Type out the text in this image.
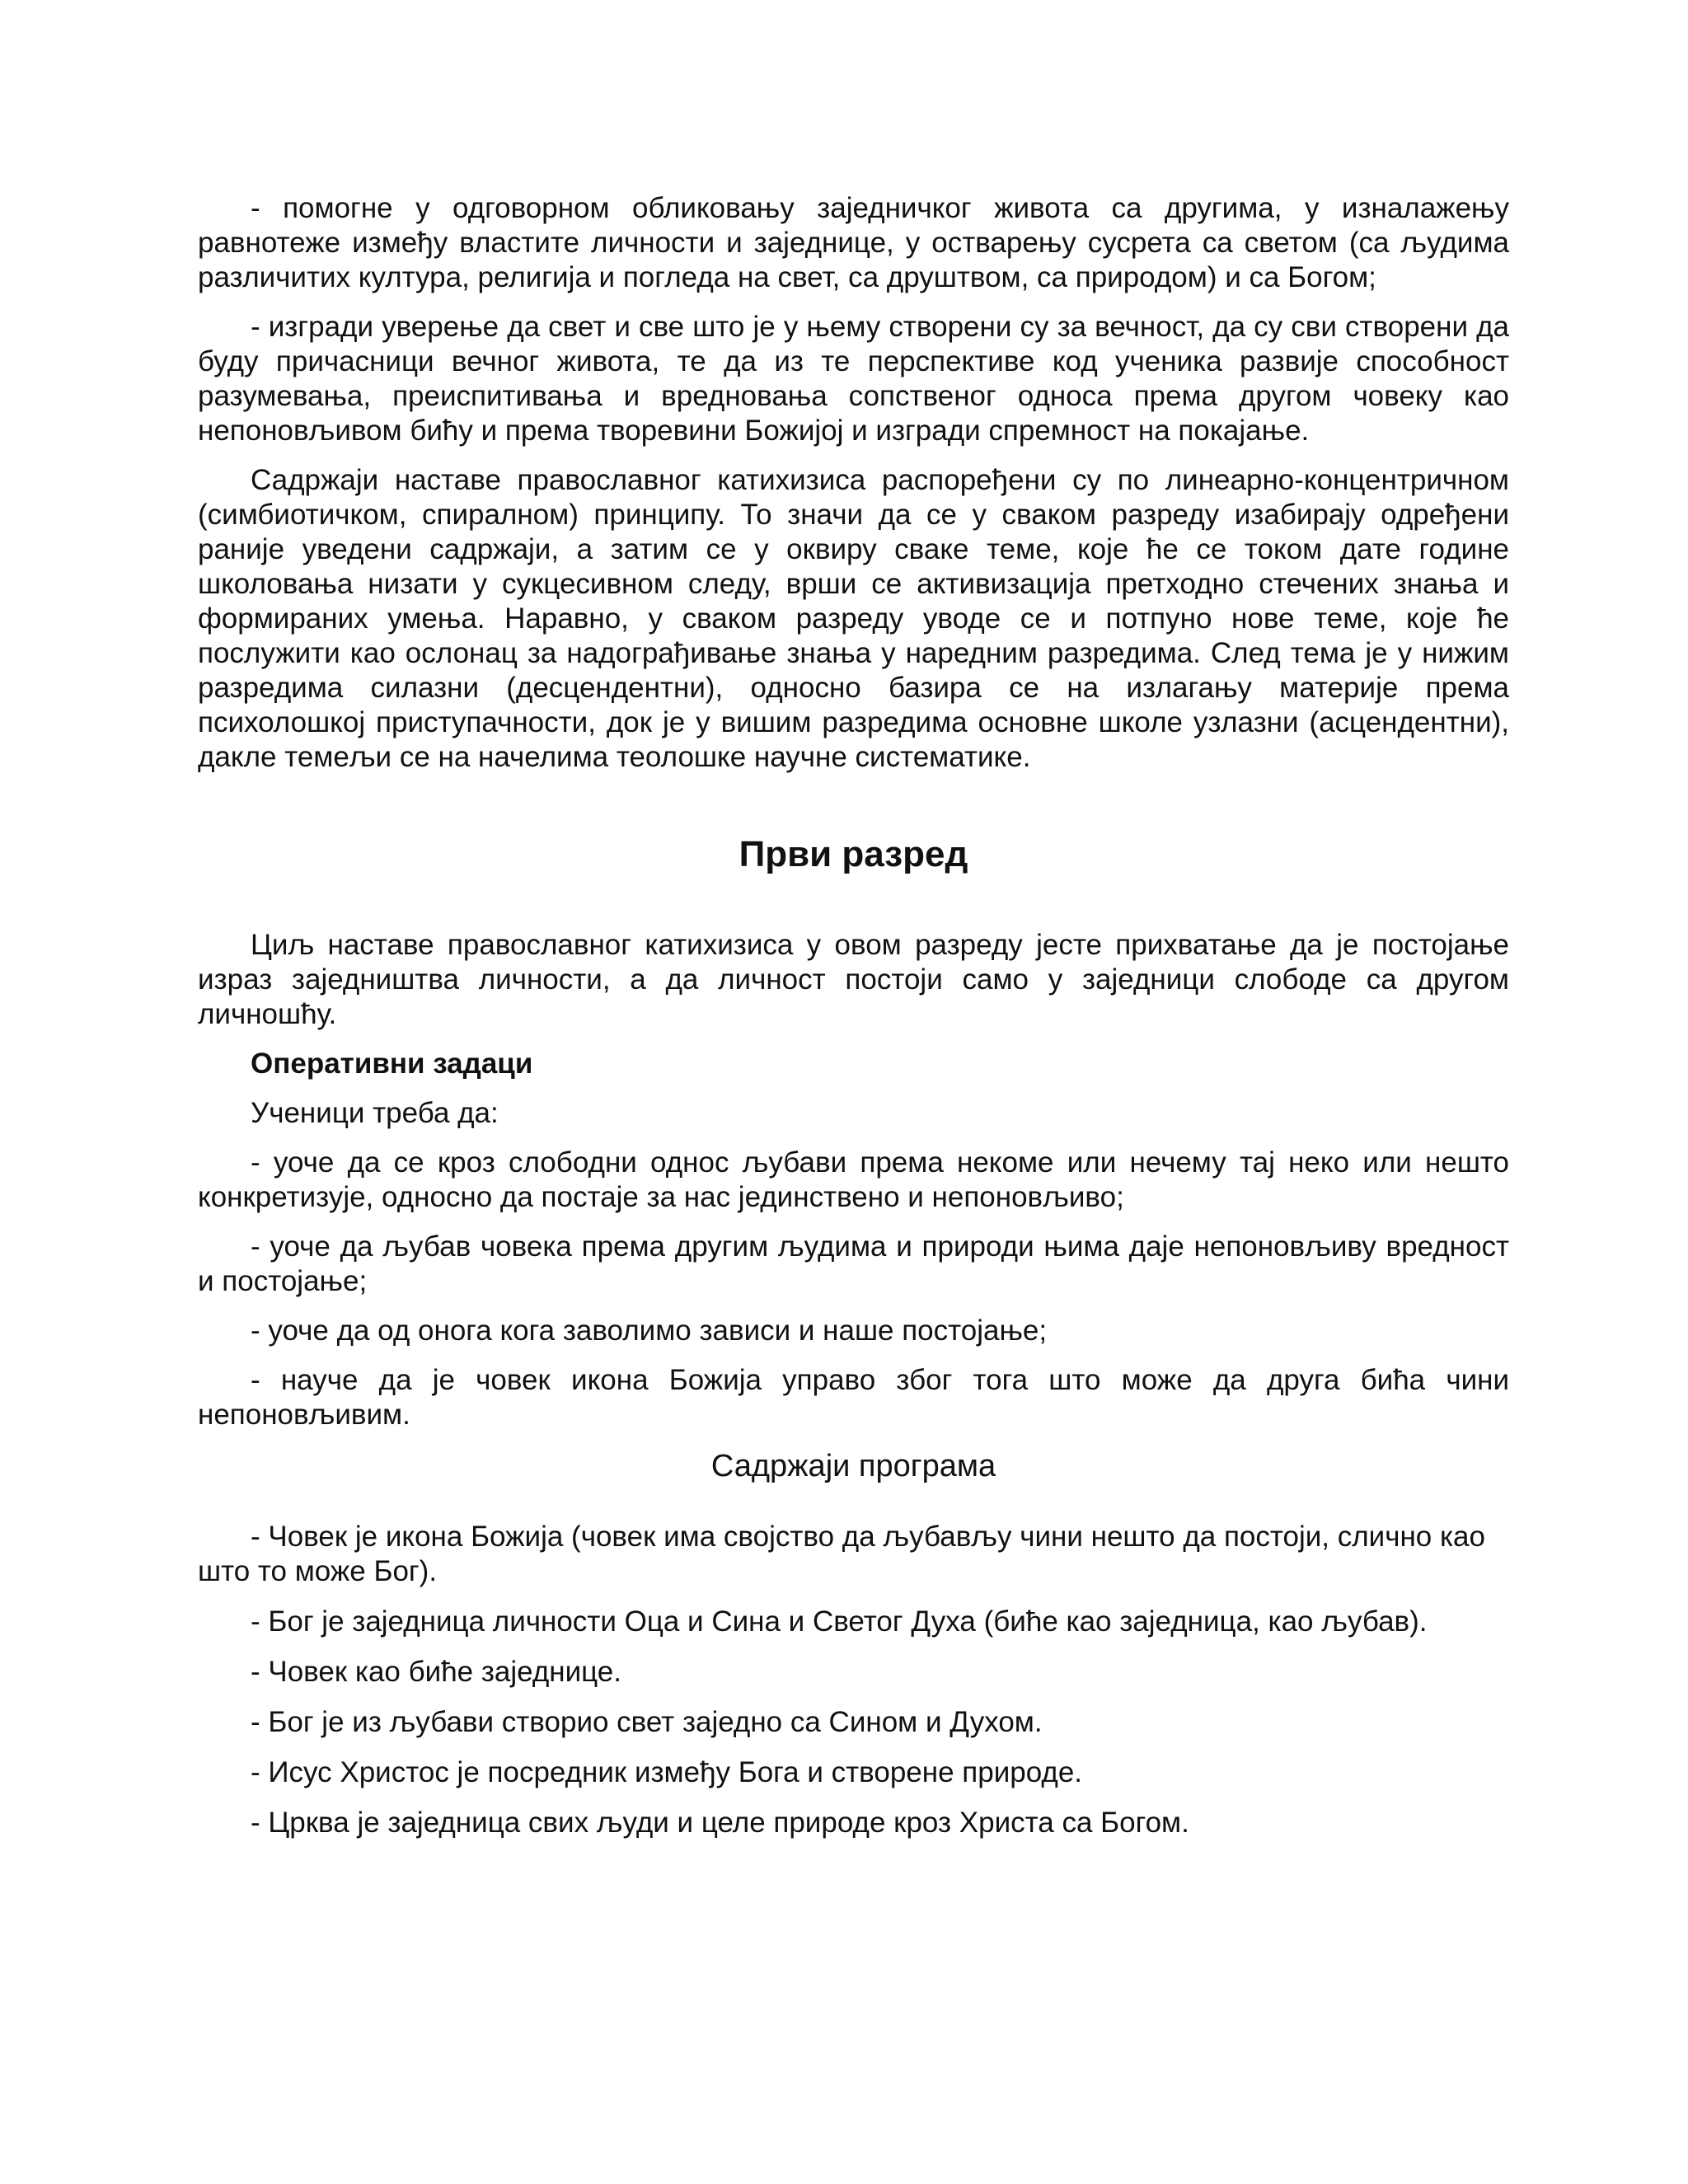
- помогне у одговорном обликовању заједничког живота са другима, у изналажењу равнотеже између властите личности и заједнице, у остварењу сусрета са светом (са људима различитих култура, религија и погледа на свет, са друштвом, са природом) и са Богом;

- изгради уверење да свет и све што је у њему створени су за вечност, да су сви створени да буду причасници вечног живота, те да из те перспективе код ученика развије способност разумевања, преиспитивања и вредновања сопственог односа према другом човеку као непоновљивом бићу и према творевини Божијој и изгради спремност на покајање.

Садржаји наставе православног катихизиса распоређени су по линеарно-концентричном (симбиотичком, спиралном) принципу. То значи да се у сваком разреду изабирају одређени раније уведени садржаји, а затим се у оквиру сваке теме, које ће се током дате године школовања низати у сукцесивном следу, врши се активизација претходно стечених знања и формираних умења. Наравно, у сваком разреду уводе се и потпуно нове теме, које ће послужити као ослонац за надограђивање знања у наредним разредима. След тема је у нижим разредима силазни (десцендентни), односно базира се на излагању материје према психолошкој приступачности, док је у вишим разредима основне школе узлазни (асцендентни), дакле темељи се на начелима теолошке научне систематике.

Први разред

Циљ наставе православног катихизиса у овом разреду јесте прихватање да је постојање израз заједништва личности, а да личност постоји само у заједници слободе са другом личношћу.

Оперативни задаци

Ученици треба да:

- уоче да се кроз слободни однос љубави према некоме или нечему тај неко или нешто конкретизује, односно да постаје за нас јединствено и непоновљиво;

- уоче да љубав човека према другим људима и природи њима даје непоновљиву вредност и постојање;

- уоче да од онога кога заволимо зависи и наше постојање;

- науче да је човек икона Божија управо због тога што може да друга бића чини непоновљивим.

Садржаји програма

- Човек је икона Божија (човек има својство да љубављу чини нешто да постоји, слично као што то може Бог).

- Бог је заједница личности Оца и Сина и Светог Духа (биће као заједница, као љубав).

- Човек као биће заједнице.

- Бог је из љубави створио свет заједно са Сином и Духом.

- Исус Христос је посредник између Бога и створене природе.

- Црква је заједница свих људи и целе природе кроз Христа са Богом.
